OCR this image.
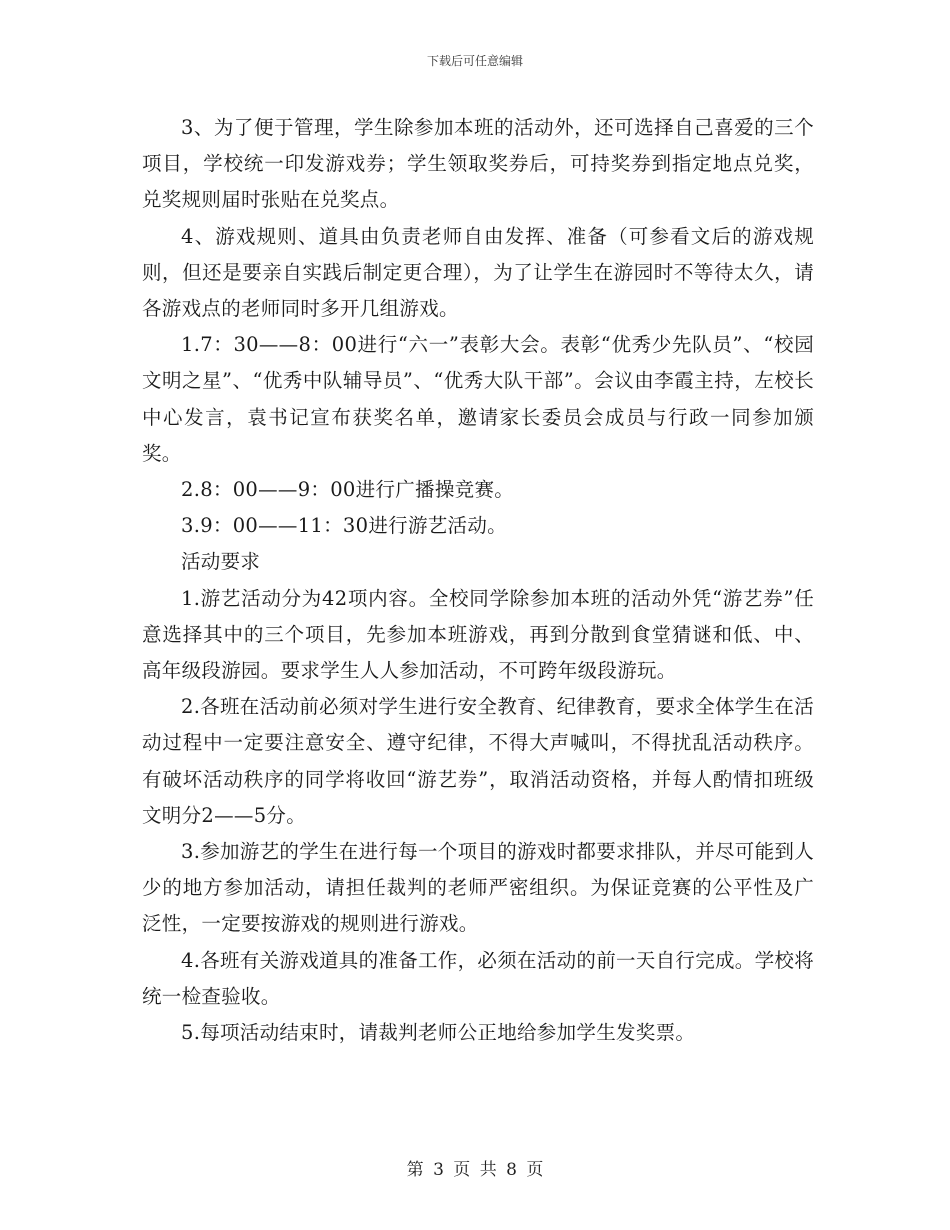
下载后可任意编辑

3、为了便于管理，学生除参加本班的活动外，还可选择自己喜爱的三个项目，学校统一印发游戏券；学生领取奖券后，可持奖券到指定地点兑奖，兑奖规则届时张贴在兑奖点。

4、游戏规则、道具由负责老师自由发挥、准备（可参看文后的游戏规则，但还是要亲自实践后制定更合理），为了让学生在游园时不等待太久，请各游戏点的老师同时多开几组游戏。

1.7：30——8：00进行“六一”表彰大会。表彰“优秀少先队员”、“校园文明之星”、“优秀中队辅导员”、“优秀大队干部”。会议由李霞主持，左校长中心发言，袁书记宣布获奖名单，邀请家长委员会成员与行政一同参加颁奖。

2.8：00——9：00进行广播操竞赛。

3.9：00——11：30进行游艺活动。

活动要求

1.游艺活动分为42项内容。全校同学除参加本班的活动外凭“游艺券”任意选择其中的三个项目，先参加本班游戏，再到分散到食堂猜谜和低、中、高年级段游园。要求学生人人参加活动，不可跨年级段游玩。

2.各班在活动前必须对学生进行安全教育、纪律教育，要求全体学生在活动过程中一定要注意安全、遵守纪律，不得大声喊叫，不得扰乱活动秩序。有破坏活动秩序的同学将收回“游艺券”，取消活动资格，并每人酌情扣班级文明分2——5分。

3.参加游艺的学生在进行每一个项目的游戏时都要求排队，并尽可能到人少的地方参加活动，请担任裁判的老师严密组织。为保证竞赛的公平性及广泛性，一定要按游戏的规则进行游戏。

4.各班有关游戏道具的准备工作，必须在活动的前一天自行完成。学校将统一检查验收。

5.每项活动结束时，请裁判老师公正地给参加学生发奖票。

第 3 页 共 8 页
